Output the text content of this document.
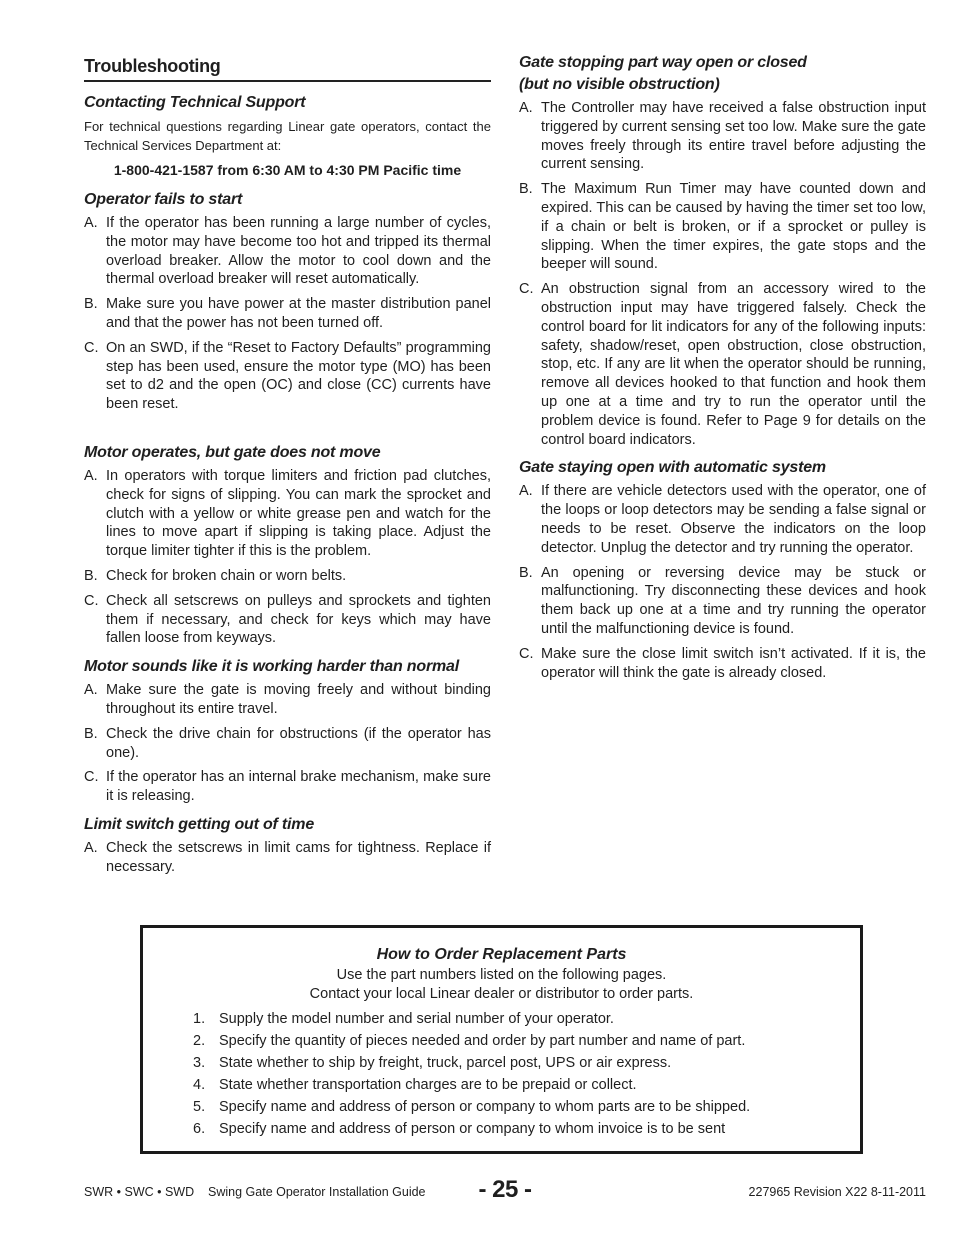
Troubleshooting
Contacting Technical Support

For technical questions regarding Linear gate operators, contact the Technical Services Department at:

1-800-421-1587 from 6:30 AM to 4:30 PM Pacific time
Operator fails to start
A. If the operator has been running a large number of cycles, the motor may have become too hot and tripped its thermal overload breaker. Allow the motor to cool down and the thermal overload breaker will reset automatically.
B. Make sure you have power at the master distribution panel and that the power has not been turned off.
C. On an SWD, if the “Reset to Factory Defaults” programming step has been used, ensure the motor type (MO) has been set to d2 and the open (OC) and close (CC) currents have been reset.
Motor operates, but gate does not move
A. In operators with torque limiters and friction pad clutches, check for signs of slipping. You can mark the sprocket and clutch with a yellow or white grease pen and watch for the lines to move apart if slipping is taking place. Adjust the torque limiter tighter if this is the problem.
B. Check for broken chain or worn belts.
C. Check all setscrews on pulleys and sprockets and tighten them if necessary, and check for keys which may have fallen loose from keyways.
Motor sounds like it is working harder than normal
A. Make sure the gate is moving freely and without binding throughout its entire travel.
B. Check the drive chain for obstructions (if the operator has one).
C. If the operator has an internal brake mechanism, make sure it is releasing.
Limit switch getting out of time
A. Check the setscrews in limit cams for tightness. Replace if necessary.
Gate stopping part way open or closed
(but no visible obstruction)
A. The Controller may have received a false obstruction input triggered by current sensing set too low. Make sure the gate moves freely through its entire travel before adjusting the current sensing.
B. The Maximum Run Timer may have counted down and expired. This can be caused by having the timer set too low, if a chain or belt is broken, or if a sprocket or pulley is slipping. When the timer expires, the gate stops and the beeper will sound.
C. An obstruction signal from an accessory wired to the obstruction input may have triggered falsely. Check the control board for lit indicators for any of the following inputs: safety, shadow/reset, open obstruction, close obstruction, stop, etc. If any are lit when the operator should be running, remove all devices hooked to that function and hook them up one at a time and try to run the operator until the problem device is found. Refer to Page 9 for details on the control board indicators.
Gate staying open with automatic system
A. If there are vehicle detectors used with the operator, one of the loops or loop detectors may be sending a false signal or needs to be reset. Observe the indicators on the loop detector. Unplug the detector and try running the operator.
B. An opening or reversing device may be stuck or malfunctioning. Try disconnecting these devices and hook them back up one at a time and try running the operator until the malfunctioning device is found.
C. Make sure the close limit switch isn’t activated. If it is, the operator will think the gate is already closed.
How to Order Replacement Parts
Use the part numbers listed on the following pages.
Contact your local Linear dealer or distributor to order parts.
1. Supply the model number and serial number of your operator.
2. Specify the quantity of pieces needed and order by part number and name of part.
3. State whether to ship by freight, truck, parcel post, UPS or air express.
4. State whether transportation charges are to be prepaid or collect.
5. Specify name and address of person or company to whom parts are to be shipped.
6. Specify name and address of person or company to whom invoice is to be sent
SWR • SWC • SWD    Swing Gate Operator Installation Guide	- 25 -	227965 Revision X22 8-11-2011
